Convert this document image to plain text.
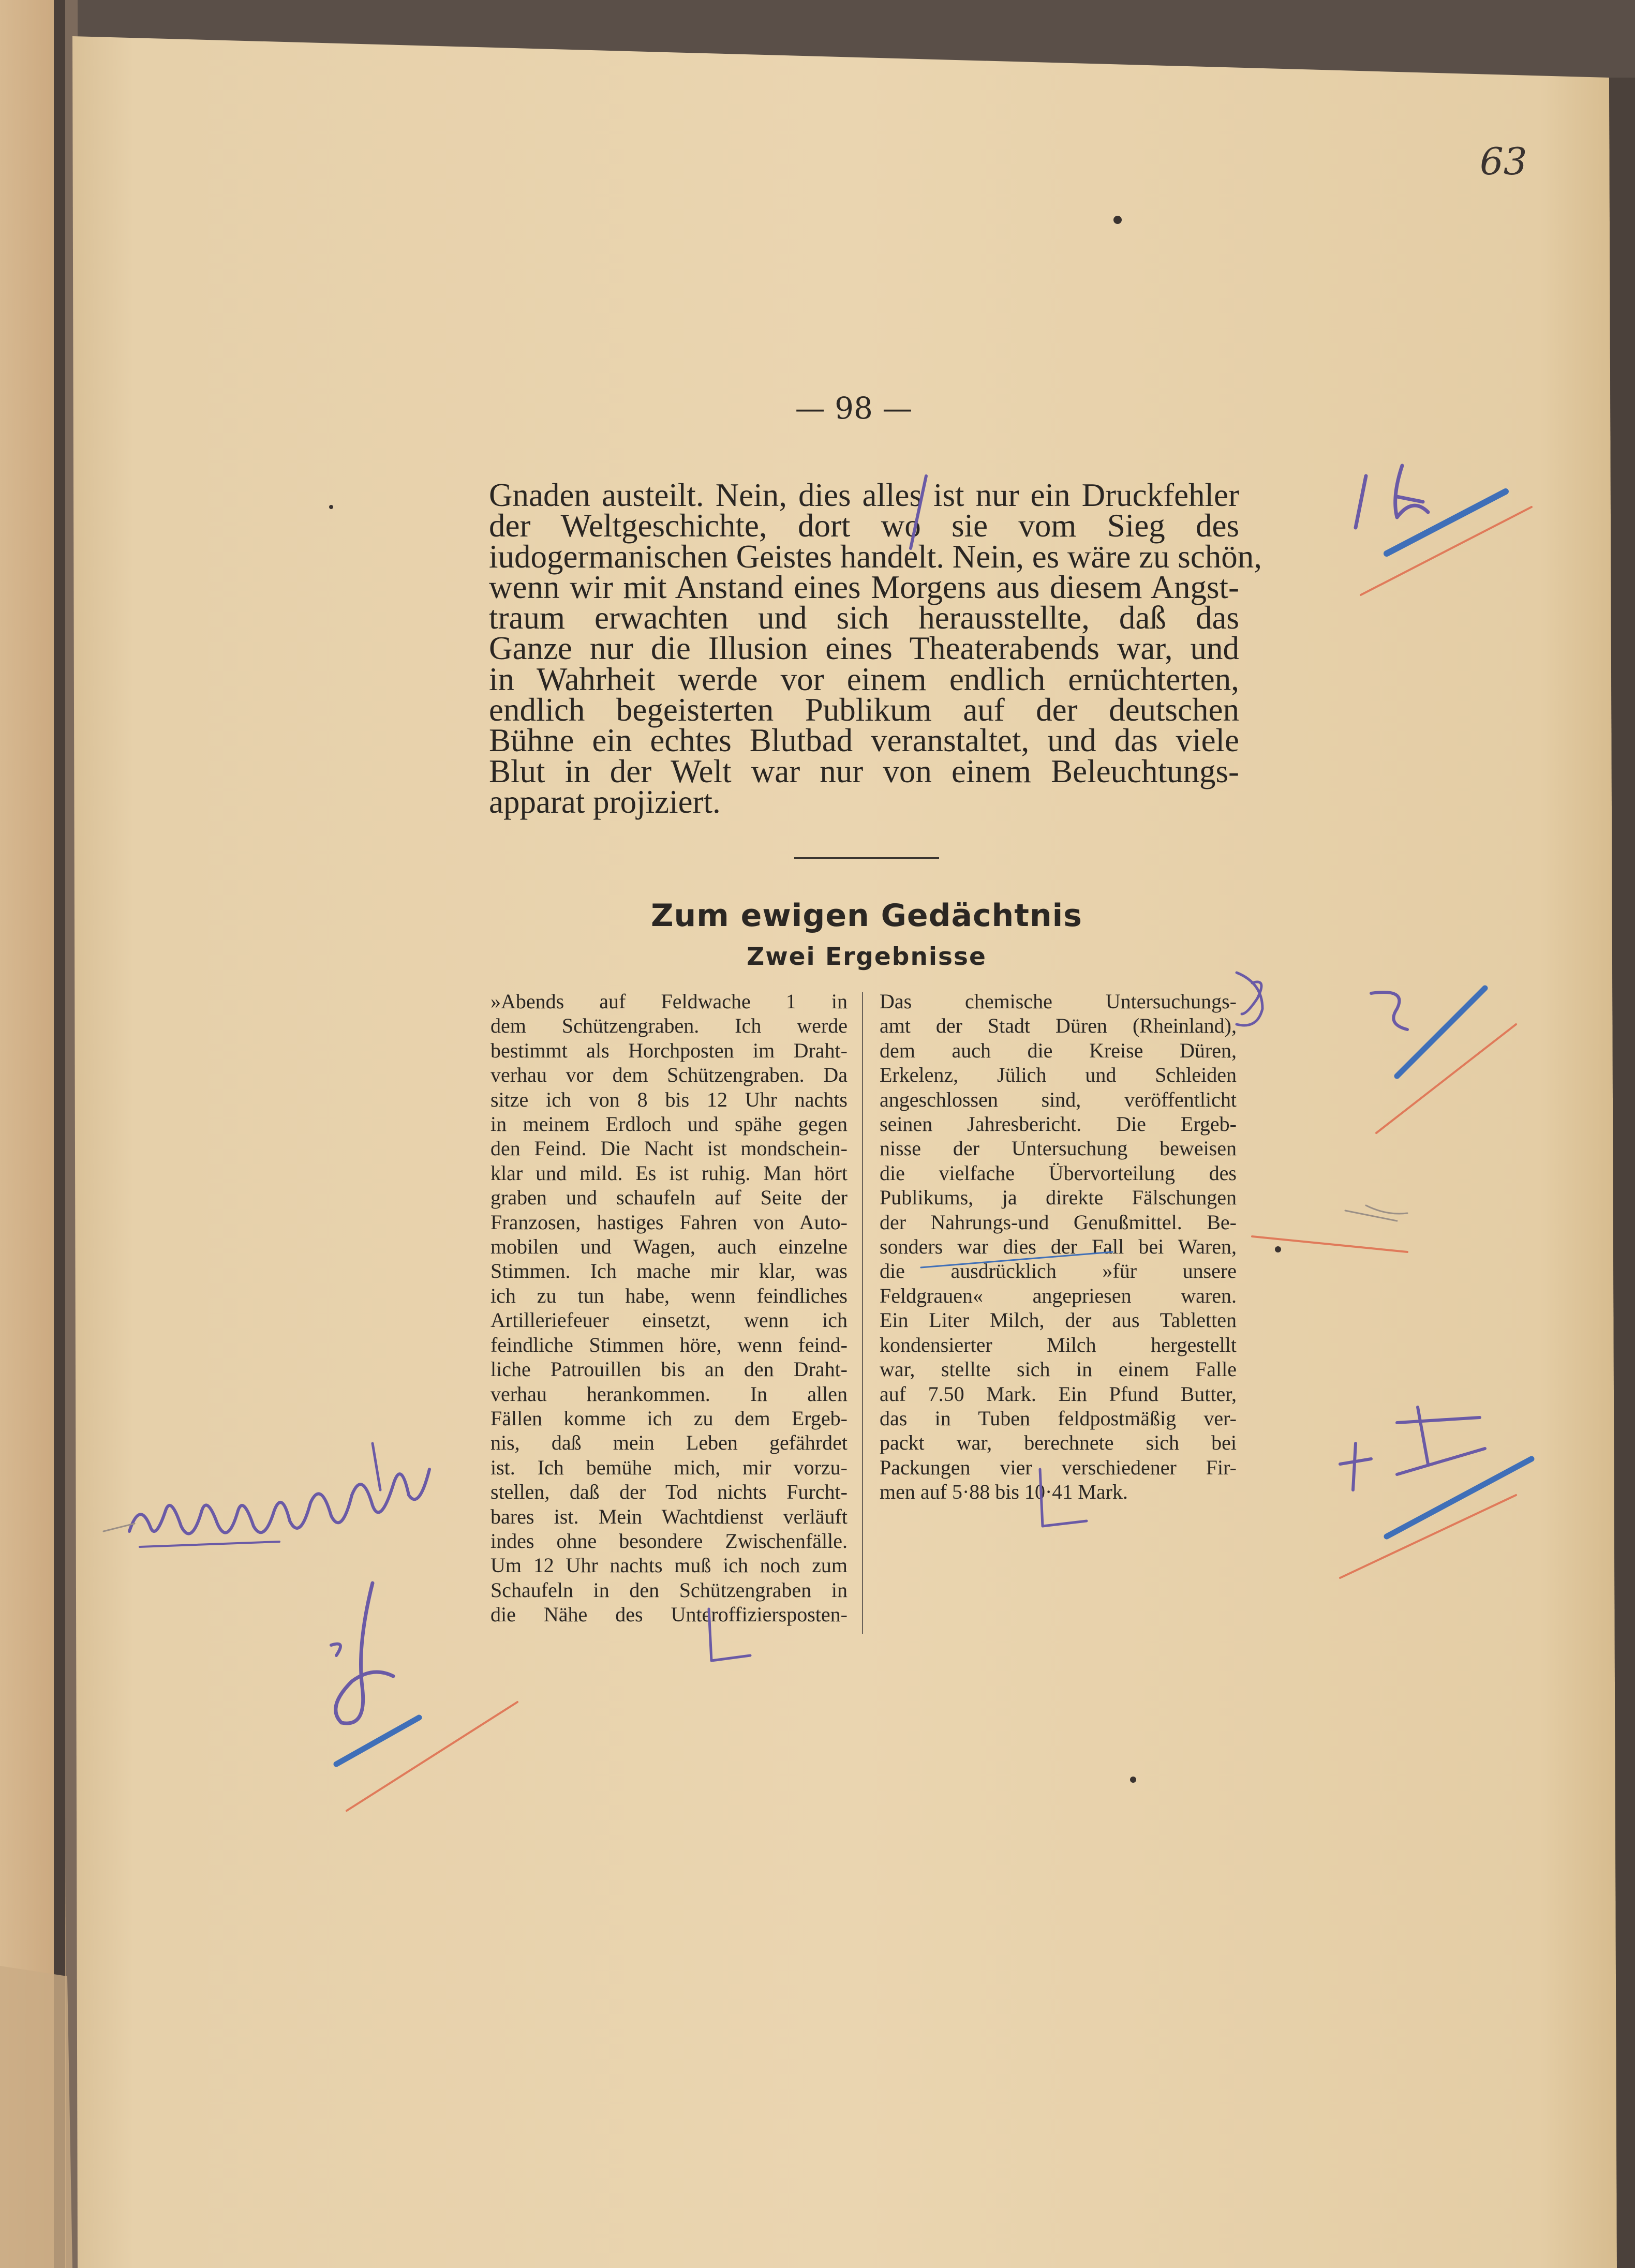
— 98 —
63
Gnaden austeilt. Nein, dies alles ist nur ein Druckfehler
der Weltgeschichte, dort wo sie vom Sieg des
iudogermanischen Geistes handelt. Nein, es wäre zu schön,
wenn wir mit Anstand eines Morgens aus diesem Angst-
traum erwachten und sich herausstellte, daß das
Ganze nur die Illusion eines Theaterabends war, und
in Wahrheit werde vor einem endlich ernüchterten,
endlich begeisterten Publikum auf der deutschen
Bühne ein echtes Blutbad veranstaltet, und das viele
Blut in der Welt war nur von einem Beleuchtungs-
apparat projiziert.
Zum ewigen Gedächtnis
Zwei Ergebnisse
»Abends auf Feldwache 1 in
dem Schützengraben. Ich werde
bestimmt als Horchposten im Draht-
verhau vor dem Schützengraben. Da
sitze ich von 8 bis 12 Uhr nachts
in meinem Erdloch und spähe gegen
den Feind. Die Nacht ist mondschein-
klar und mild. Es ist ruhig. Man hört
graben und schaufeln auf Seite der
Franzosen, hastiges Fahren von Auto-
mobilen und Wagen, auch einzelne
Stimmen. Ich mache mir klar, was
ich zu tun habe, wenn feindliches
Artilleriefeuer einsetzt, wenn ich
feindliche Stimmen höre, wenn feind-
liche Patrouillen bis an den Draht-
verhau herankommen. In allen
Fällen komme ich zu dem Ergeb-
nis, daß mein Leben gefährdet
ist. Ich bemühe mich, mir vorzu-
stellen, daß der Tod nichts Furcht-
bares ist. Mein Wachtdienst verläuft
indes ohne besondere Zwischenfälle.
Um 12 Uhr nachts muß ich noch zum
Schaufeln in den Schützengraben in
die Nähe des Unteroffiziersposten-
Das chemische Untersuchungs-
amt der Stadt Düren (Rheinland),
dem auch die Kreise Düren,
Erkelenz, Jülich und Schleiden
angeschlossen sind, veröffentlicht
seinen Jahresbericht. Die Ergeb-
nisse der Untersuchung beweisen
die vielfache Übervorteilung des
Publikums, ja direkte Fälschungen
der Nahrungs-und Genußmittel. Be-
sonders war dies der Fall bei Waren,
die ausdrücklich »für unsere
Feldgrauen« angepriesen waren.
Ein Liter Milch, der aus Tabletten
kondensierter Milch hergestellt
war, stellte sich in einem Falle
auf 7.50 Mark. Ein Pfund Butter,
das in Tuben feldpostmäßig ver-
packt war, berechnete sich bei
Packungen vier verschiedener Fir-
men auf 5·88 bis 10·41 Mark.
